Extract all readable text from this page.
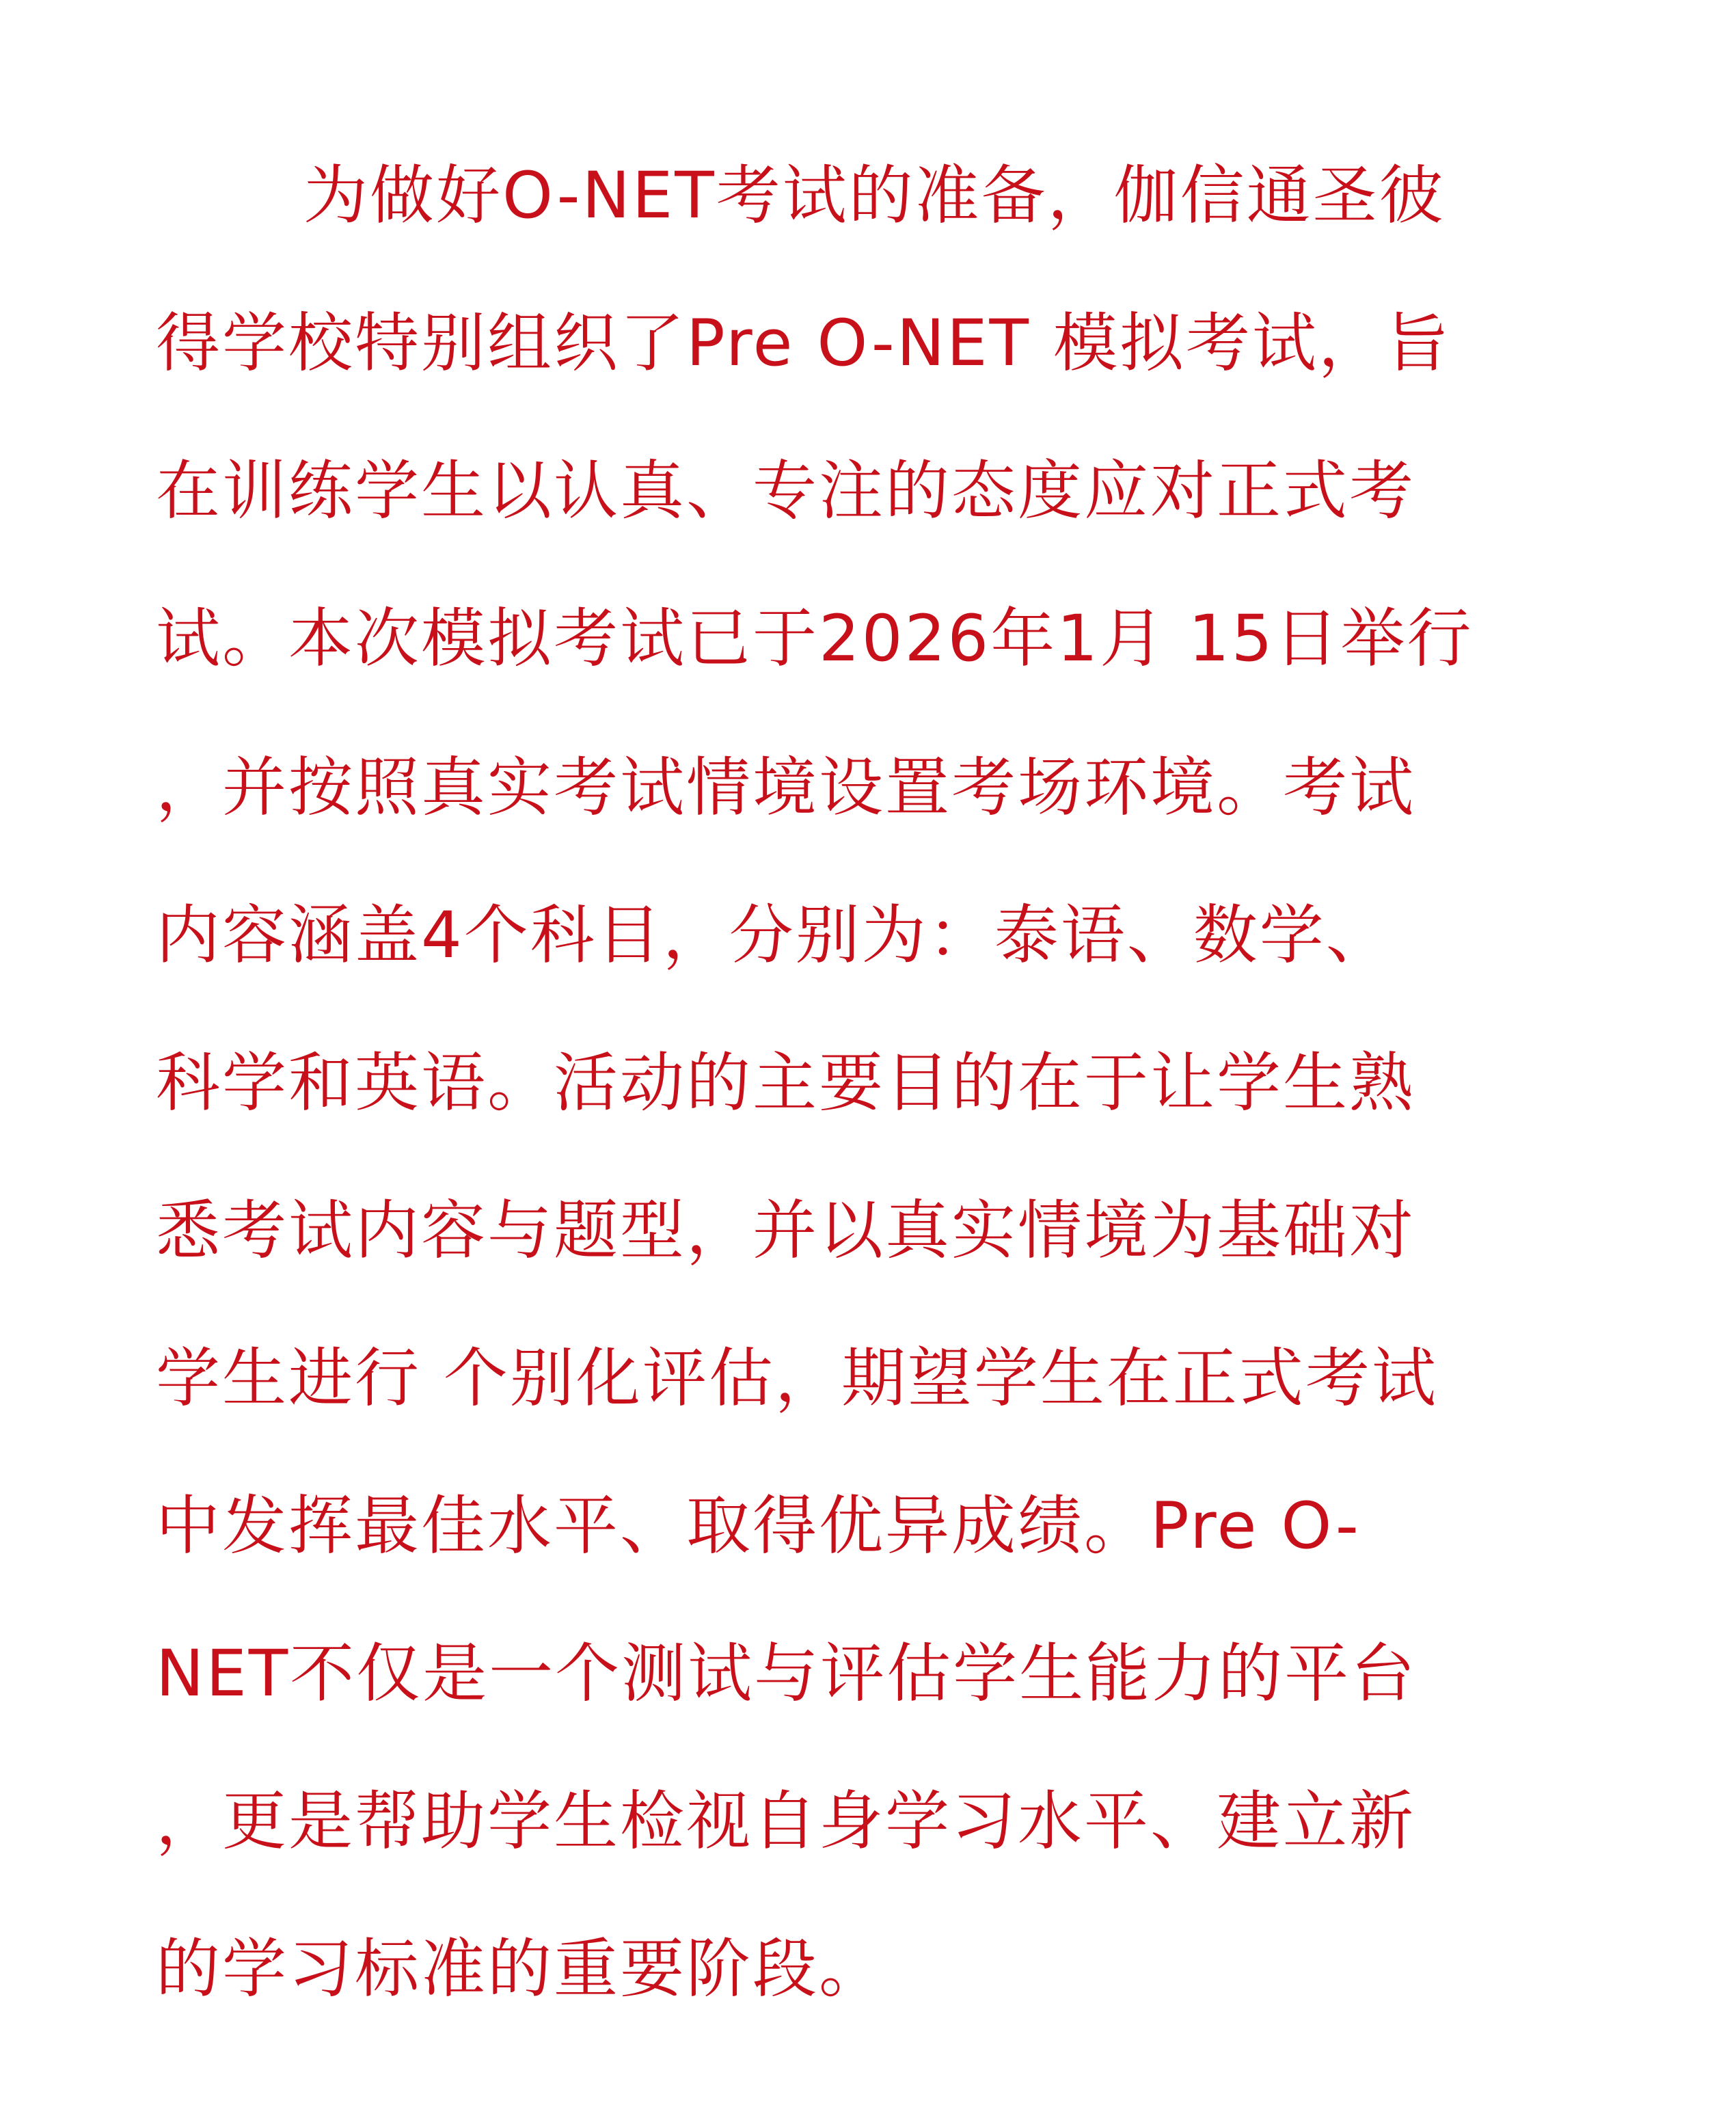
为做好O-NET考试的准备，伽信通圣彼

得学校特别组织了Pre O-NET 模拟考试，旨

在训练学生以认真、专注的态度应对正式考

试。本次模拟考试已于2026年1月 15日举行

，并按照真实考试情境设置考场环境。考试

内容涵盖4个科目，分别为：泰语、数学、

科学和英语。活动的主要目的在于让学生熟

悉考试内容与题型，并以真实情境为基础对

学生进行 个别化评估，期望学生在正式考试

中发挥最佳水平、取得优异成绩。Pre O-

NET不仅是一个测试与评估学生能力的平台

，更是帮助学生检视自身学习水平、建立新

的学习标准的重要阶段。
